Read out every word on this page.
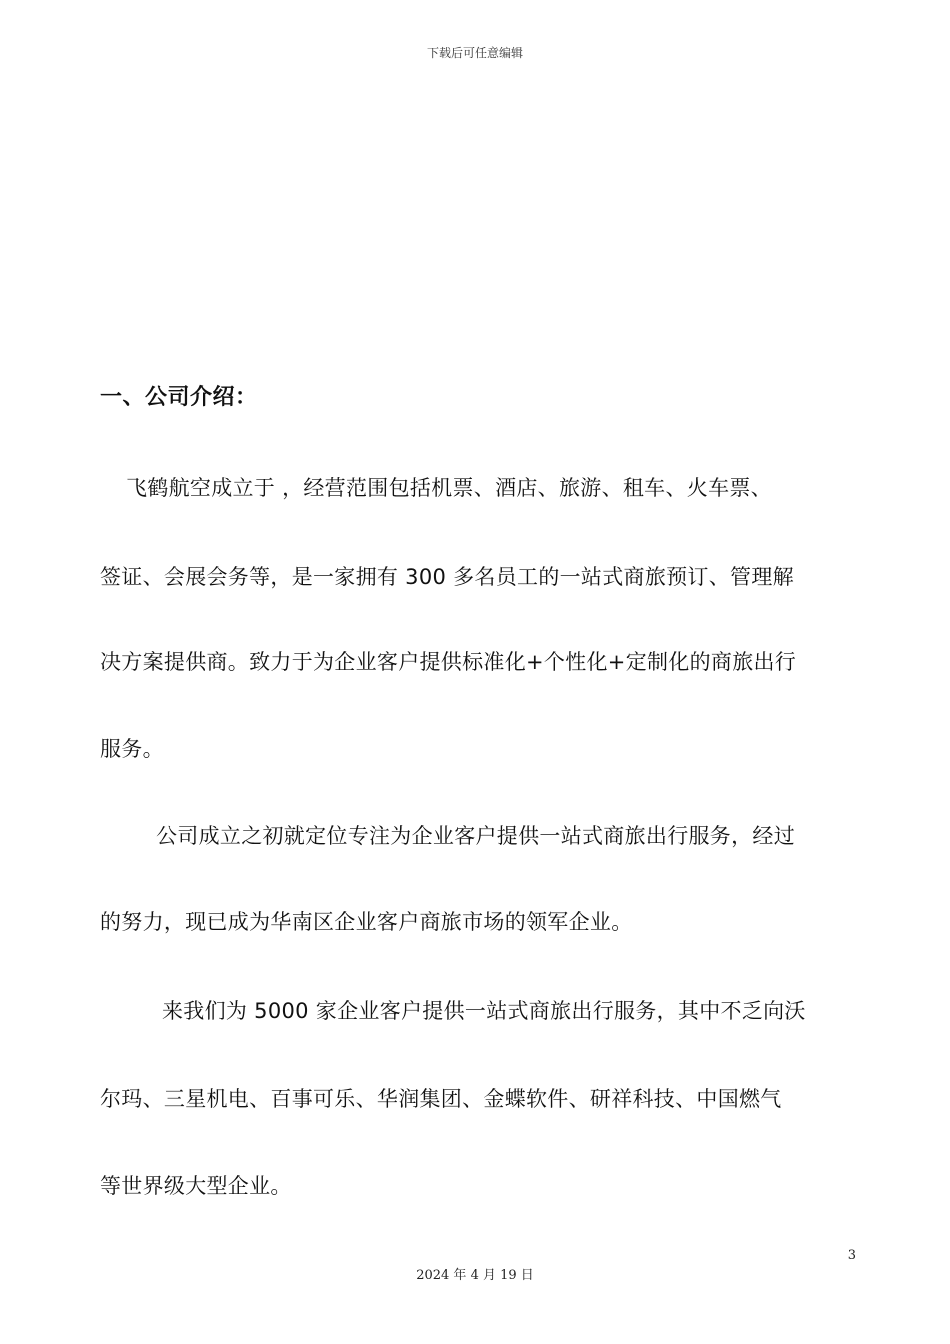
下载后可任意编辑
一、公司介绍：
飞鹤航空成立于 ，经营范围包括机票、酒店、旅游、租车、火车票、
签证、会展会务等，是一家拥有 300 多名员工的一站式商旅预订、管理解
决方案提供商。致力于为企业客户提供标准化+个性化+定制化的商旅出行
服务。
公司成立之初就定位专注为企业客户提供一站式商旅出行服务，经过
的努力，现已成为华南区企业客户商旅市场的领军企业。
来我们为 5000 家企业客户提供一站式商旅出行服务，其中不乏向沃
尔玛、三星机电、百事可乐、华润集团、金蝶软件、研祥科技、中国燃气
等世界级大型企业。
3
2024 年 4 月 19 日
